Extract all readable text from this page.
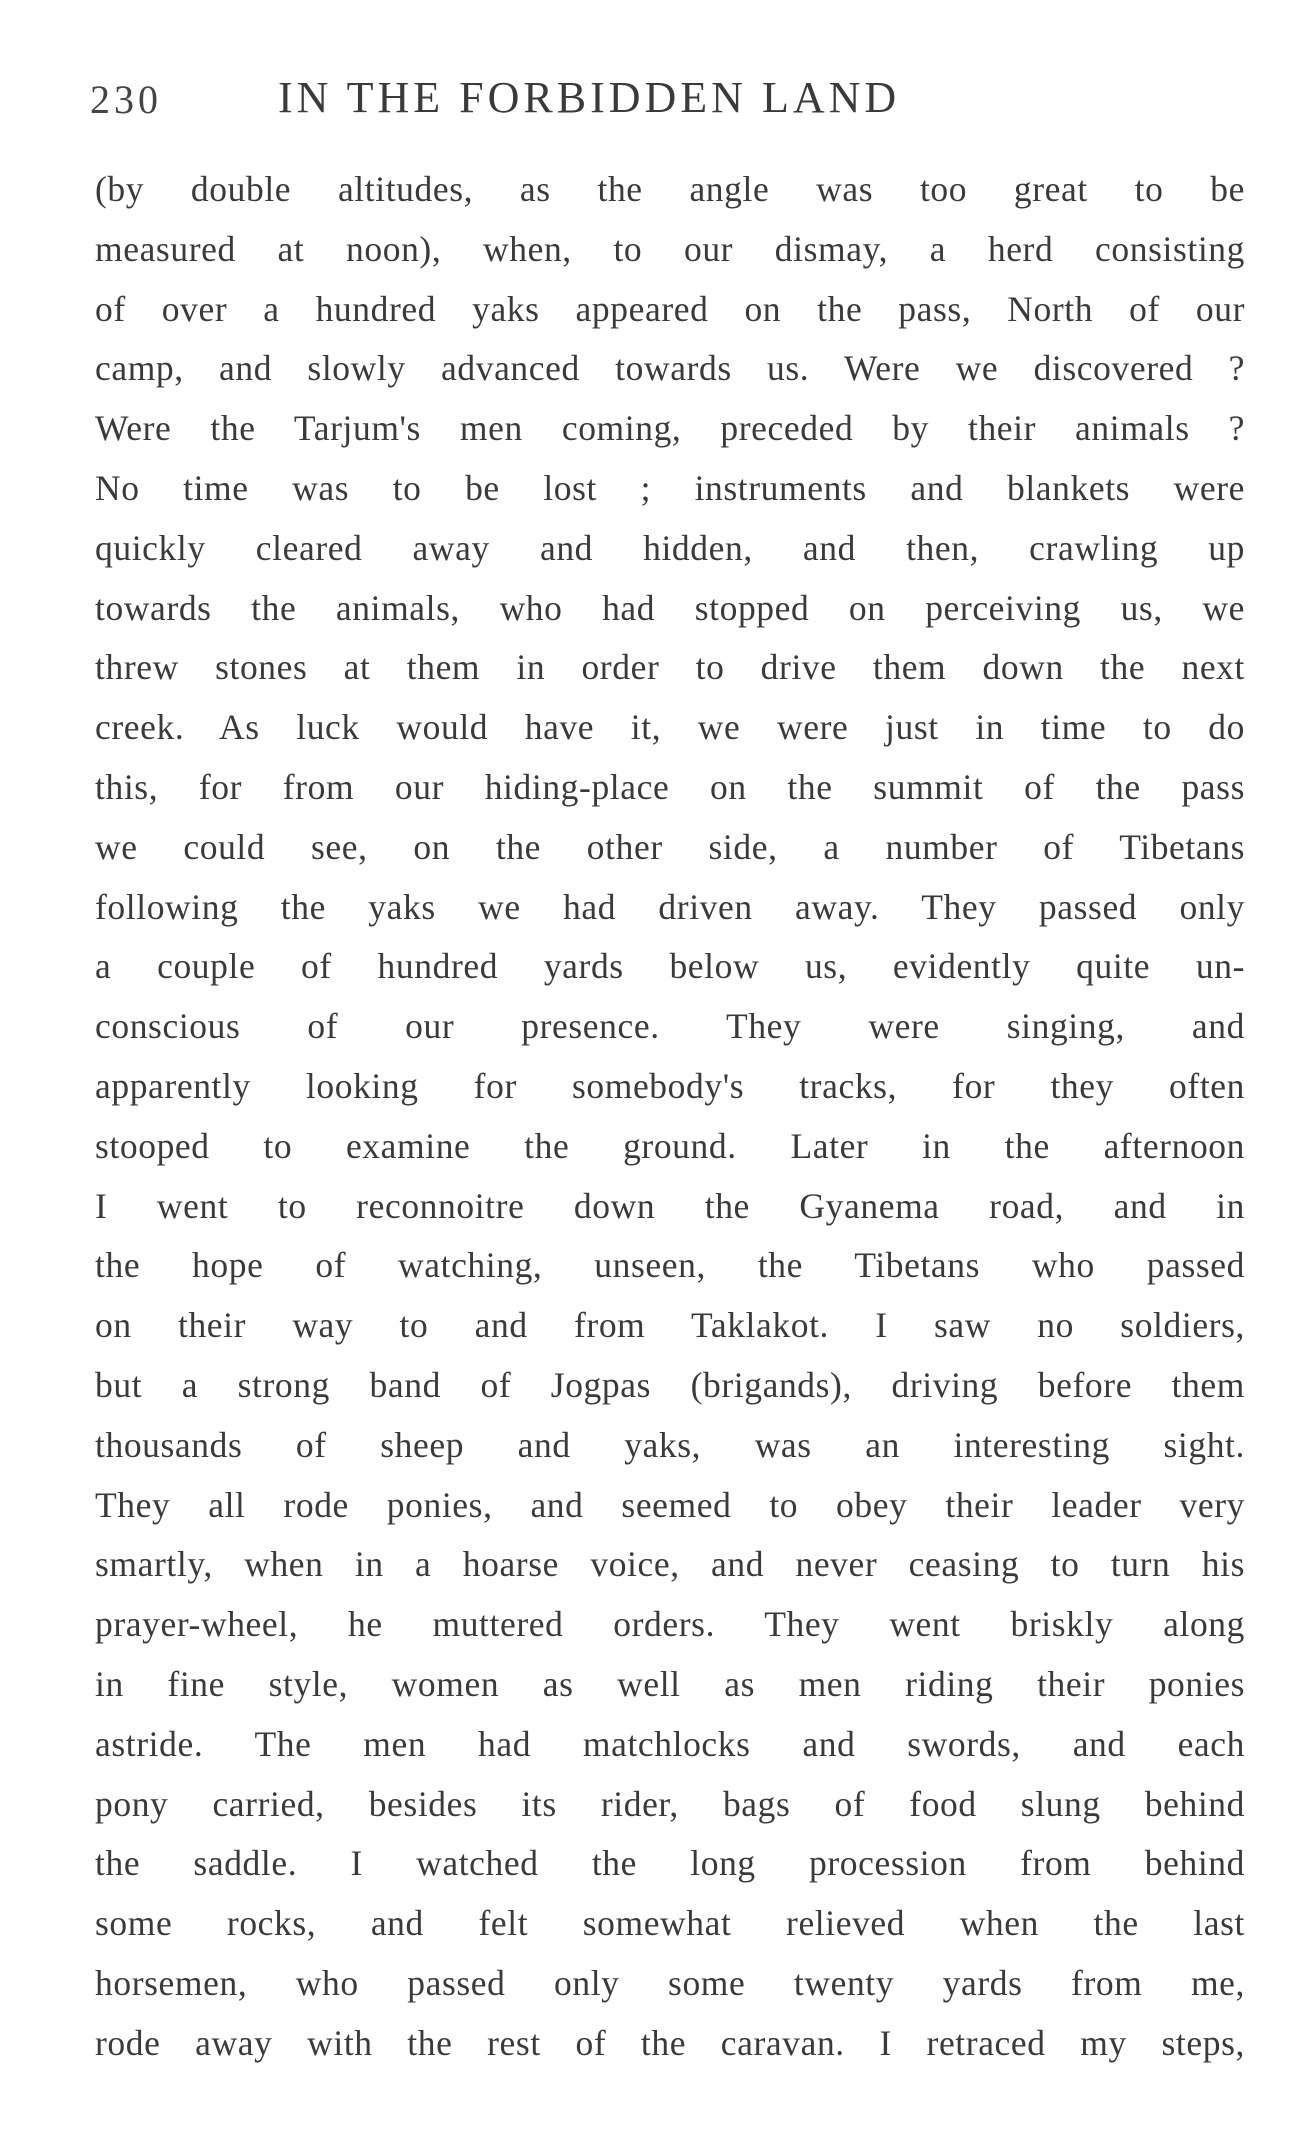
230	IN THE FORBIDDEN LAND
(by double altitudes, as the angle was too great to be
measured at noon), when, to our dismay, a herd consisting
of over a hundred yaks appeared on the pass, North of our
camp, and slowly advanced towards us. Were we discovered ?
Were the Tarjum's men coming, preceded by their animals ?
No time was to be lost ; instruments and blankets were
quickly cleared away and hidden, and then, crawling up
towards the animals, who had stopped on perceiving us, we
threw stones at them in order to drive them down the next
creek. As luck would have it, we were just in time to do
this, for from our hiding-place on the summit of the pass
we could see, on the other side, a number of Tibetans
following the yaks we had driven away. They passed only
a couple of hundred yards below us, evidently quite un-
conscious of our presence. They were singing, and
apparently looking for somebody's tracks, for they often
stooped to examine the ground. Later in the afternoon
I went to reconnoitre down the Gyanema road, and in
the hope of watching, unseen, the Tibetans who passed
on their way to and from Taklakot. I saw no soldiers,
but a strong band of Jogpas (brigands), driving before them
thousands of sheep and yaks, was an interesting sight.
They all rode ponies, and seemed to obey their leader very
smartly, when in a hoarse voice, and never ceasing to turn his
prayer-wheel, he muttered orders. They went briskly along
in fine style, women as well as men riding their ponies
astride. The men had matchlocks and swords, and each
pony carried, besides its rider, bags of food slung behind
the saddle. I watched the long procession from behind
some rocks, and felt somewhat relieved when the last
horsemen, who passed only some twenty yards from me,
rode away with the rest of the caravan. I retraced my steps,
